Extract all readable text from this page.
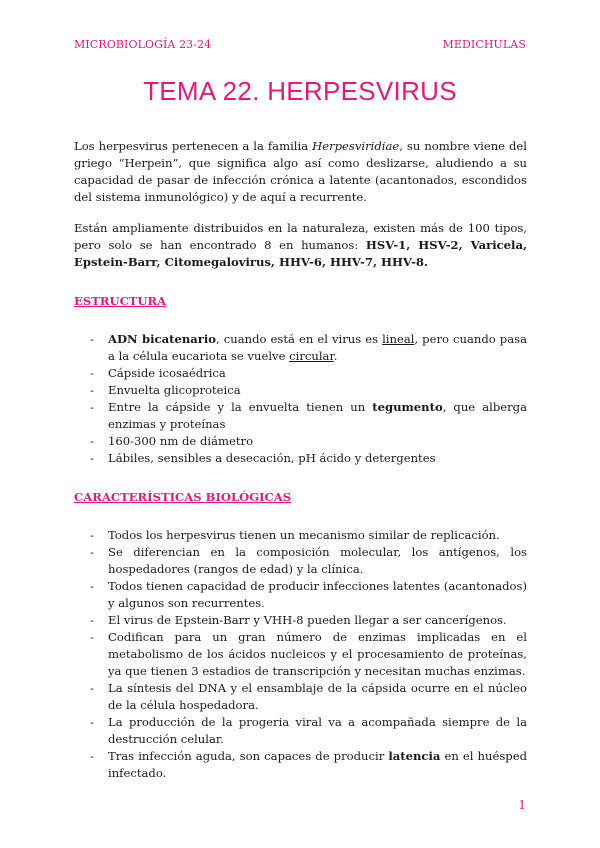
MICROBIOLOGÍA 23-24	MEDICHULAS
TEMA 22. HERPESVIRUS

Los herpesvirus pertenecen a la familia Herpesviridiae, su nombre viene del griego “Herpein”, que significa algo así como deslizarse, aludiendo a su capacidad de pasar de infección crónica a latente (acantonados, escondidos del sistema inmunológico) y de aquí a recurrente.

Están ampliamente distribuidos en la naturaleza, existen más de 100 tipos, pero solo se han encontrado 8 en humanos: HSV-1, HSV-2, Varicela, Epstein-Barr, Citomegalovirus, HHV-6, HHV-7, HHV-8.

ESTRUCTURA
- ADN bicatenario, cuando está en el virus es lineal, pero cuando pasa a la célula eucariota se vuelve circular.
- Cápside icosaédrica
- Envuelta glicoproteica
- Entre la cápside y la envuelta tienen un tegumento, que alberga enzimas y proteínas
- 160-300 nm de diámetro
- Lábiles, sensibles a desecación, pH ácido y detergentes
CARACTERÍSTICAS BIOLÓGICAS
- Todos los herpesvirus tienen un mecanismo similar de replicación.
- Se diferencian en la composición molecular, los antígenos, los hospedadores (rangos de edad) y la clínica.
- Todos tienen capacidad de producir infecciones latentes (acantonados) y algunos son recurrentes.
- El virus de Epstein-Barr y VHH-8 pueden llegar a ser cancerígenos.
- Codifican para un gran número de enzimas implicadas en el metabolismo de los ácidos nucleicos y el procesamiento de proteínas, ya que tienen 3 estadios de transcripción y necesitan muchas enzimas.
- La síntesis del DNA y el ensamblaje de la cápsida ocurre en el núcleo de la célula hospedadora.
- La producción de la progeria viral va a acompañada siempre de la destrucción celular.
- Tras infección aguda, son capaces de producir latencia en el huésped infectado.
1
